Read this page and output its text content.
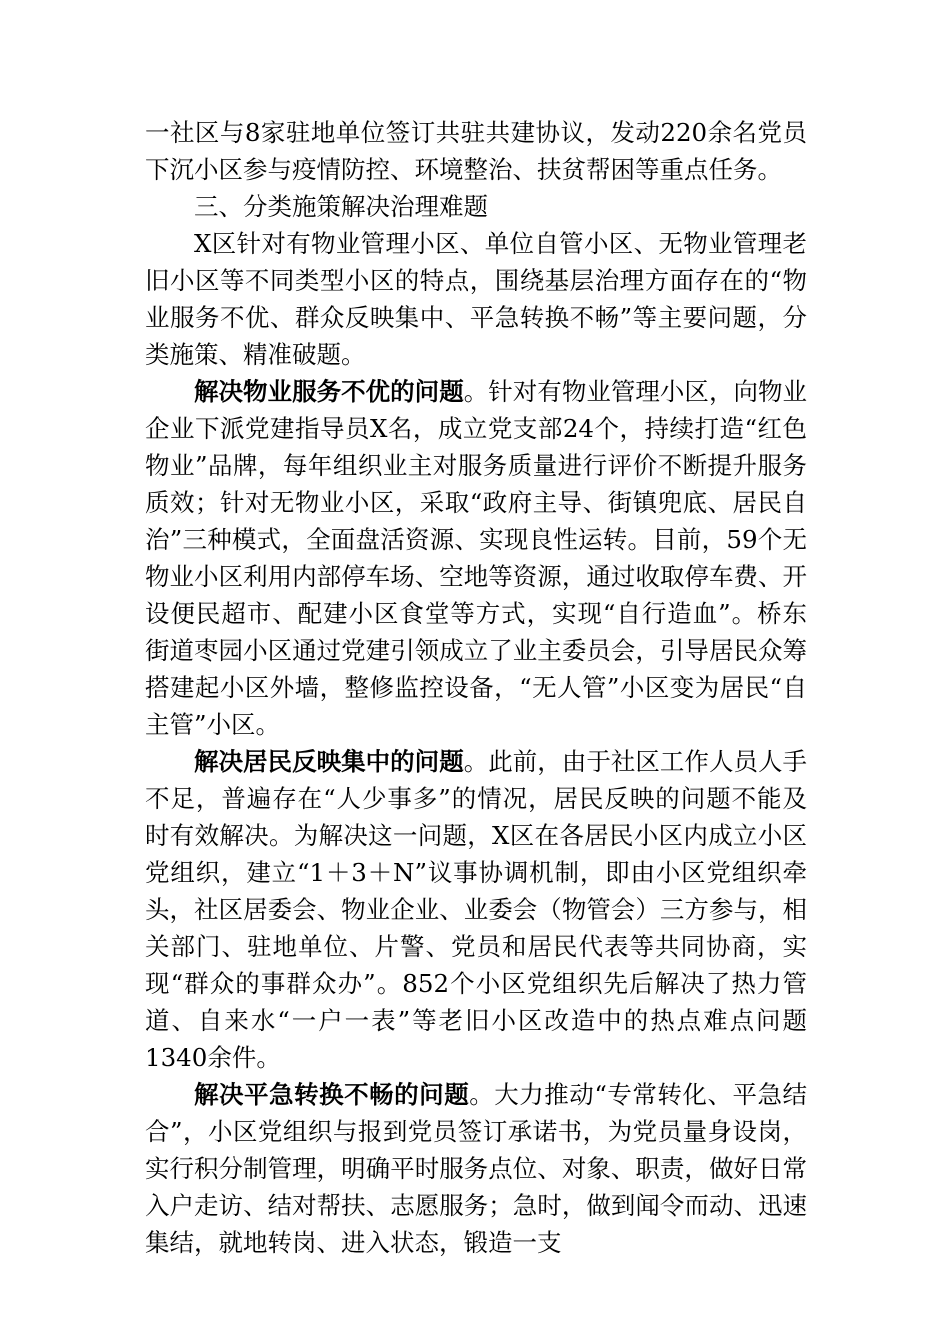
一社区与8家驻地单位签订共驻共建协议，发动220余名党员下沉小区参与疫情防控、环境整治、扶贫帮困等重点任务。

三、分类施策解决治理难题

X区针对有物业管理小区、单位自管小区、无物业管理老旧小区等不同类型小区的特点，围绕基层治理方面存在的“物业服务不优、群众反映集中、平急转换不畅”等主要问题，分类施策、精准破题。

解决物业服务不优的问题。针对有物业管理小区，向物业企业下派党建指导员X名，成立党支部24个，持续打造“红色物业”品牌，每年组织业主对服务质量进行评价不断提升服务质效；针对无物业小区，采取“政府主导、街镇兜底、居民自治”三种模式，全面盘活资源、实现良性运转。目前，59个无物业小区利用内部停车场、空地等资源，通过收取停车费、开设便民超市、配建小区食堂等方式，实现“自行造血”。桥东街道枣园小区通过党建引领成立了业主委员会，引导居民众筹搭建起小区外墙，整修监控设备，“无人管”小区变为居民“自主管”小区。

解决居民反映集中的问题。此前，由于社区工作人员人手不足，普遍存在“人少事多”的情况，居民反映的问题不能及时有效解决。为解决这一问题，X区在各居民小区内成立小区党组织，建立“1＋3＋N”议事协调机制，即由小区党组织牵头，社区居委会、物业企业、业委会（物管会）三方参与，相关部门、驻地单位、片警、党员和居民代表等共同协商，实现“群众的事群众办”。852个小区党组织先后解决了热力管道、自来水“一户一表”等老旧小区改造中的热点难点问题1340余件。

解决平急转换不畅的问题。大力推动“专常转化、平急结合”，小区党组织与报到党员签订承诺书，为党员量身设岗，实行积分制管理，明确平时服务点位、对象、职责，做好日常入户走访、结对帮扶、志愿服务；急时，做到闻令而动、迅速集结，就地转岗、进入状态，锻造一支
